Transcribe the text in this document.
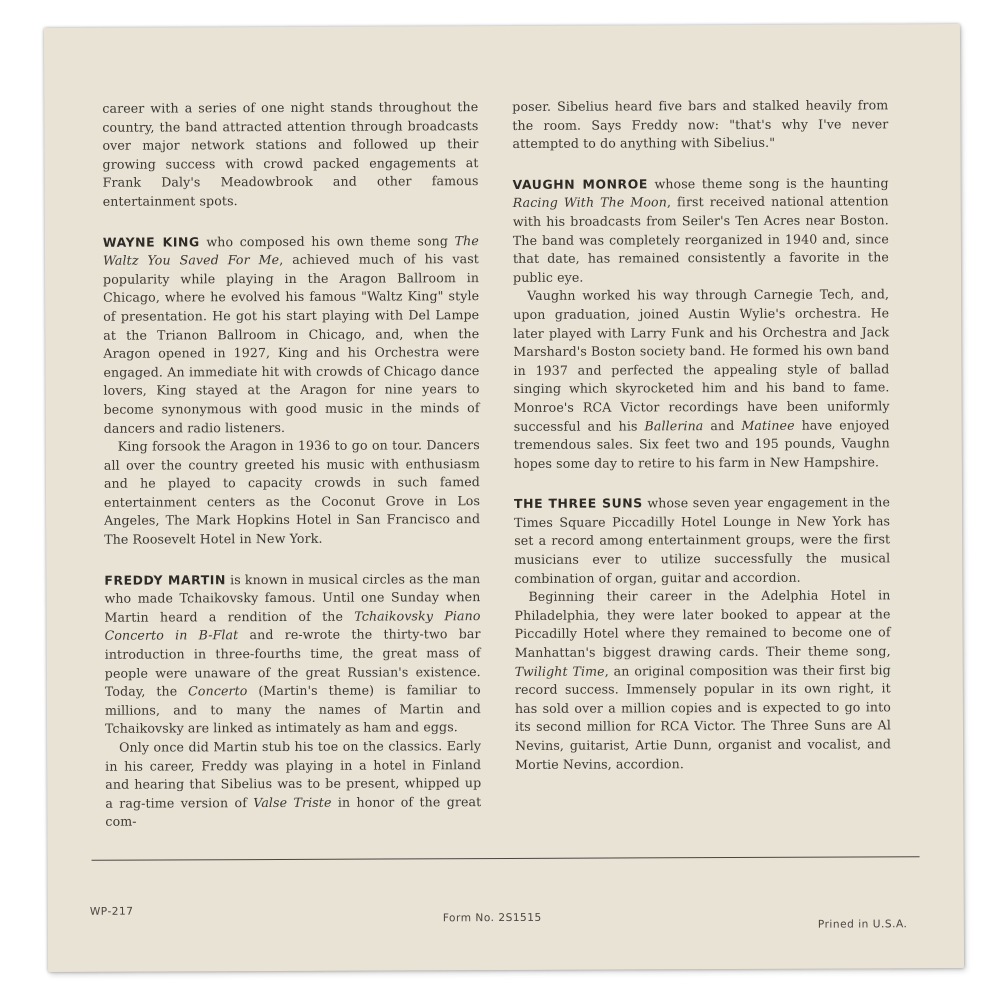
career with a series of one night stands throughout the country, the band attracted attention through broadcasts over major network stations and followed up their growing success with crowd packed engagements at Frank Daly's Meadowbrook and other famous entertainment spots.

WAYNE KING who composed his own theme song The Waltz You Saved For Me, achieved much of his vast popularity while playing in the Aragon Ballroom in Chicago, where he evolved his famous "Waltz King" style of presentation. He got his start playing with Del Lampe at the Trianon Ballroom in Chicago, and, when the Aragon opened in 1927, King and his Orchestra were engaged. An immediate hit with crowds of Chicago dance lovers, King stayed at the Aragon for nine years to become synonymous with good music in the minds of dancers and radio listeners.

King forsook the Aragon in 1936 to go on tour. Dancers all over the country greeted his music with enthusiasm and he played to capacity crowds in such famed entertainment centers as the Coconut Grove in Los Angeles, The Mark Hopkins Hotel in San Francisco and The Roosevelt Hotel in New York.

FREDDY MARTIN is known in musical circles as the man who made Tchaikovsky famous. Until one Sunday when Martin heard a rendition of the Tchaikovsky Piano Concerto in B-Flat and re-wrote the thirty-two bar introduction in three-fourths time, the great mass of people were unaware of the great Russian's existence. Today, the Concerto (Martin's theme) is familiar to millions, and to many the names of Martin and Tchaikovsky are linked as intimately as ham and eggs.

Only once did Martin stub his toe on the classics. Early in his career, Freddy was playing in a hotel in Finland and hearing that Sibelius was to be present, whipped up a rag-time version of Valse Triste in honor of the great com-

poser. Sibelius heard five bars and stalked heavily from the room. Says Freddy now: "that's why I've never attempted to do anything with Sibelius."

VAUGHN MONROE whose theme song is the haunting Racing With The Moon, first received national attention with his broadcasts from Seiler's Ten Acres near Boston. The band was completely reorganized in 1940 and, since that date, has remained consistently a favorite in the public eye.

Vaughn worked his way through Carnegie Tech, and, upon graduation, joined Austin Wylie's orchestra. He later played with Larry Funk and his Orchestra and Jack Marshard's Boston society band. He formed his own band in 1937 and perfected the appealing style of ballad singing which skyrocketed him and his band to fame. Monroe's RCA Victor recordings have been uniformly successful and his Ballerina and Matinee have enjoyed tremendous sales. Six feet two and 195 pounds, Vaughn hopes some day to retire to his farm in New Hampshire.

THE THREE SUNS whose seven year engagement in the Times Square Piccadilly Hotel Lounge in New York has set a record among entertainment groups, were the first musicians ever to utilize successfully the musical combination of organ, guitar and accordion.

Beginning their career in the Adelphia Hotel in Philadelphia, they were later booked to appear at the Piccadilly Hotel where they remained to become one of Manhattan's biggest drawing cards. Their theme song, Twilight Time, an original composition was their first big record success. Immensely popular in its own right, it has sold over a million copies and is expected to go into its second million for RCA Victor. The Three Suns are Al Nevins, guitarist, Artie Dunn, organist and vocalist, and Mortie Nevins, accordion.

WP-217
Form No. 2S1515
Prined in U.S.A.
